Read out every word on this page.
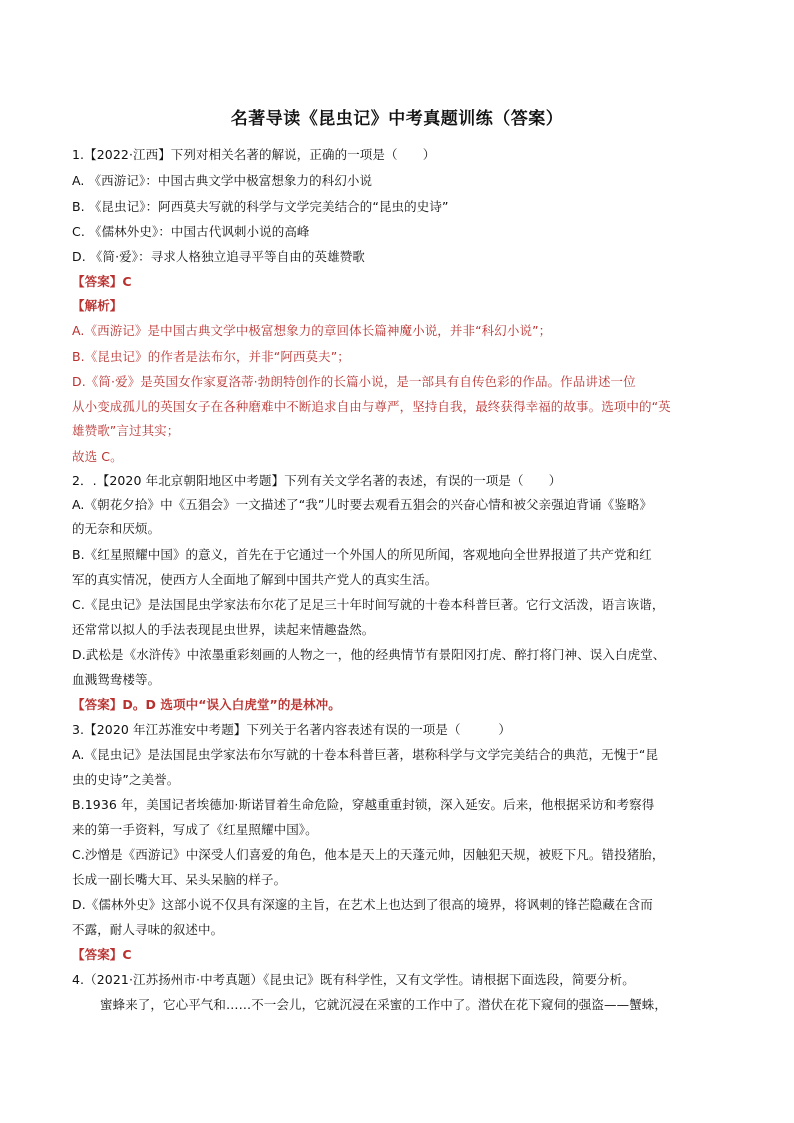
名著导读《昆虫记》中考真题训练（答案）
1.【2022·江西】下列对相关名著的解说，正确的一项是（　　）
A. 《西游记》：中国古典文学中极富想象力的科幻小说
B. 《昆虫记》：阿西莫夫写就的科学与文学完美结合的“昆虫的史诗”
C. 《儒林外史》：中国古代讽刺小说的高峰
D. 《简·爱》：寻求人格独立追寻平等自由的英雄赞歌
【答案】C
【解析】
A.《西游记》是中国古典文学中极富想象力的章回体长篇神魔小说，并非“科幻小说”；
B.《昆虫记》的作者是法布尔，并非“阿西莫夫”；
D.《简·爱》是英国女作家夏洛蒂·勃朗特创作的长篇小说，是一部具有自传色彩的作品。作品讲述一位
从小变成孤儿的英国女子在各种磨难中不断追求自由与尊严，坚持自我，最终获得幸福的故事。选项中的“英
雄赞歌”言过其实；
故选 C。
2．.【2020 年北京朝阳地区中考题】下列有关文学名著的表述，有误的一项是（　　）
A.《朝花夕拾》中《五猖会》一文描述了“我”儿时要去观看五猖会的兴奋心情和被父亲强迫背诵《鉴略》
的无奈和厌烦。
B.《红星照耀中国》的意义，首先在于它通过一个外国人的所见所闻，客观地向全世界报道了共产党和红
军的真实情况，使西方人全面地了解到中国共产党人的真实生活。
C.《昆虫记》是法国昆虫学家法布尔花了足足三十年时间写就的十卷本科普巨著。它行文活泼，语言诙谐，
还常常以拟人的手法表现昆虫世界，读起来情趣盎然。
D.武松是《水浒传》中浓墨重彩刻画的人物之一，他的经典情节有景阳冈打虎、醉打将门神、误入白虎堂、
血溅鸳鸯楼等。
【答案】D。D 选项中“误入白虎堂”的是林冲。
3.【2020 年江苏淮安中考题】下列关于名著内容表述有误的一项是（　　　）
A.《昆虫记》是法国昆虫学家法布尔写就的十卷本科普巨著，堪称科学与文学完美结合的典范，无愧于“昆
虫的史诗”之美誉。
B.1936 年，美国记者埃德加·斯诺冒着生命危险，穿越重重封锁，深入延安。后来，他根据采访和考察得
来的第一手资料，写成了《红星照耀中国》。
C.沙憎是《西游记》中深受人们喜爱的角色，他本是天上的天蓬元帅，因触犯天规，被贬下凡。错投猪胎，
长成一副长嘴大耳、呆头呆脑的样子。
D.《儒林外史》这部小说不仅具有深邃的主旨，在艺术上也达到了很高的境界，将讽刺的锋芒隐藏在含而
不露，耐人寻味的叙述中。
【答案】C
4.（2021·江苏扬州市·中考真题）《昆虫记》既有科学性，又有文学性。请根据下面选段，简要分析。
蜜蜂来了，它心平气和……不一会儿，它就沉浸在采蜜的工作中了。潜伏在花下窥伺的强盗——蟹蛛，
